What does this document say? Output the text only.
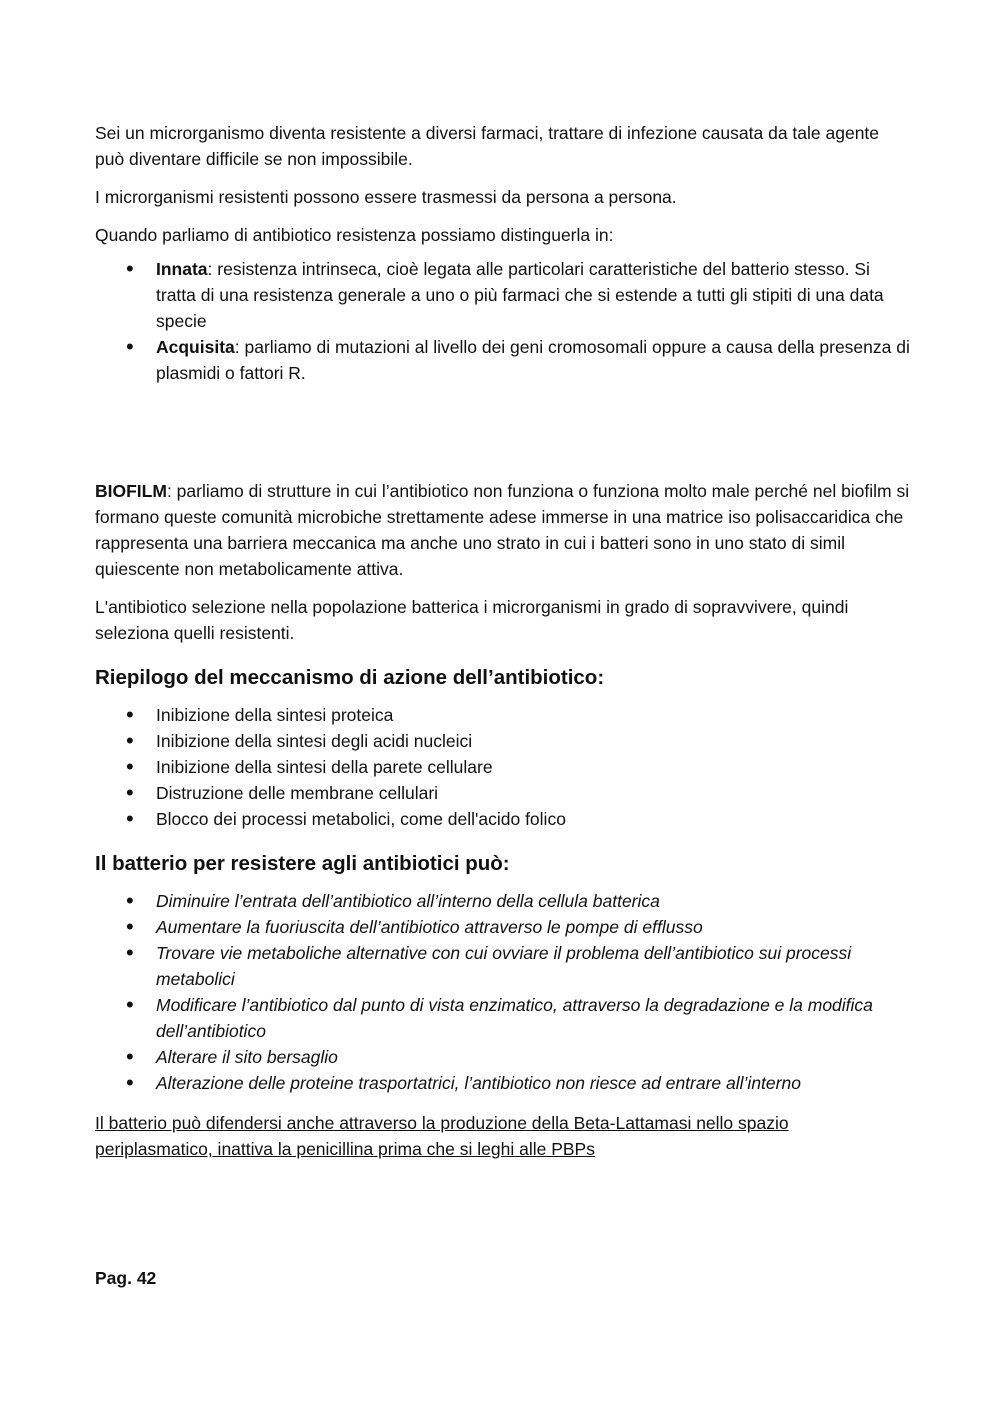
Sei un microrganismo diventa resistente a diversi farmaci, trattare di infezione causata da tale agente può diventare difficile se non impossibile.

I microrganismi resistenti possono essere trasmessi da persona a persona.

Quando parliamo di antibiotico resistenza possiamo distinguerla in:

• Innata: resistenza intrinseca, cioè legata alle particolari caratteristiche del batterio stesso. Si tratta di una resistenza generale a uno o più farmaci che si estende a tutti gli stipiti di una data specie
• Acquisita: parliamo di mutazioni al livello dei geni cromosomali oppure a causa della presenza di plasmidi o fattori R.

BIOFILM: parliamo di strutture in cui l’antibiotico non funziona o funziona molto male perché nel biofilm si formano queste comunità microbiche strettamente adese immerse in una matrice iso polisaccaridica che rappresenta una barriera meccanica ma anche uno strato in cui i batteri sono in uno stato di simil quiescente non metabolicamente attiva.

L'antibiotico selezione nella popolazione batterica i microrganismi in grado di sopravvivere, quindi seleziona quelli resistenti.

Riepilogo del meccanismo di azione dell’antibiotico:
• Inibizione della sintesi proteica
• Inibizione della sintesi degli acidi nucleici
• Inibizione della sintesi della parete cellulare
• Distruzione delle membrane cellulari
• Blocco dei processi metabolici, come dell'acido folico
Il batterio per resistere agli antibiotici può:
• Diminuire l’entrata dell’antibiotico all’interno della cellula batterica
• Aumentare la fuoriuscita dell’antibiotico attraverso le pompe di efflusso
• Trovare vie metaboliche alternative con cui ovviare il problema dell’antibiotico sui processi metabolici
• Modificare l’antibiotico dal punto di vista enzimatico, attraverso la degradazione e la modifica dell’antibiotico
• Alterare il sito bersaglio
• Alterazione delle proteine trasportatrici, l’antibiotico non riesce ad entrare all’interno

Il batterio può difendersi anche attraverso la produzione della Beta-Lattamasi nello spazio periplasmatico, inattiva la penicillina prima che si leghi alle PBPs

Pag. 42
